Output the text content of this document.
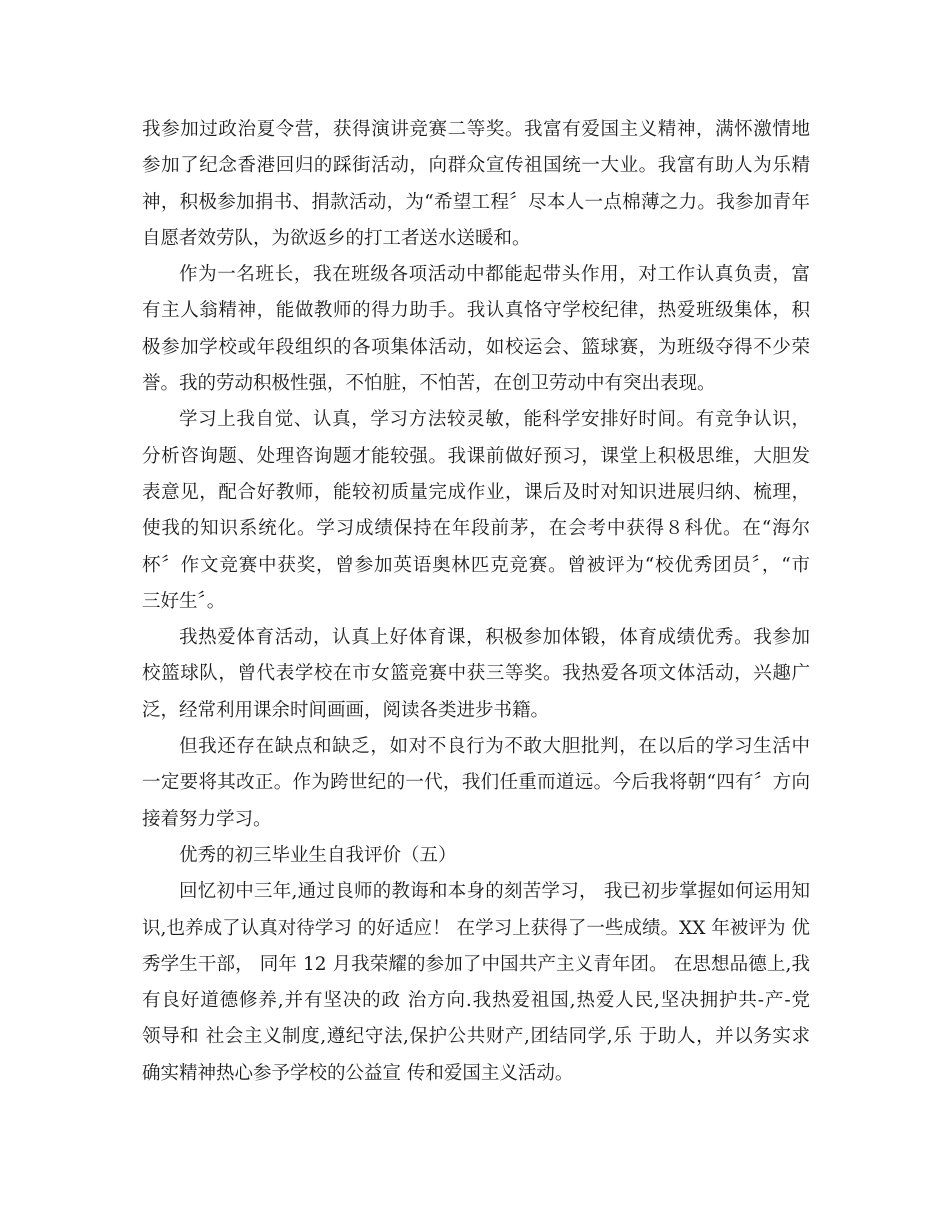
我参加过政治夏令营，获得演讲竞赛二等奖。我富有爱国主义精神，满怀激情地
参加了纪念香港回归的踩街活动，向群众宣传祖国统一大业。我富有助人为乐精
神，积极参加捐书、捐款活动，为“希望工程〞尽本人一点棉薄之力。我参加青年
自愿者效劳队，为欲返乡的打工者送水送暖和。
作为一名班长，我在班级各项活动中都能起带头作用，对工作认真负责，富
有主人翁精神，能做教师的得力助手。我认真恪守学校纪律，热爱班级集体，积
极参加学校或年段组织的各项集体活动，如校运会、篮球赛，为班级夺得不少荣
誉。我的劳动积极性强，不怕脏，不怕苦，在创卫劳动中有突出表现。
学习上我自觉、认真，学习方法较灵敏，能科学安排好时间。有竞争认识，
分析咨询题、处理咨询题才能较强。我课前做好预习，课堂上积极思维，大胆发
表意见，配合好教师，能较初质量完成作业，课后及时对知识进展归纳、梳理，
使我的知识系统化。学习成绩保持在年段前茅，在会考中获得８科优。在“海尔
杯〞作文竞赛中获奖，曾参加英语奥林匹克竞赛。曾被评为“校优秀团员〞，“市
三好生〞。
我热爱体育活动，认真上好体育课，积极参加体锻，体育成绩优秀。我参加
校篮球队，曾代表学校在市女篮竞赛中获三等奖。我热爱各项文体活动，兴趣广
泛，经常利用课余时间画画，阅读各类进步书籍。
但我还存在缺点和缺乏，如对不良行为不敢大胆批判，在以后的学习生活中
一定要将其改正。作为跨世纪的一代，我们任重而道远。今后我将朝“四有〞方向
接着努力学习。
优秀的初三毕业生自我评价（五）
回忆初中三年,通过良师的教诲和本身的刻苦学习， 我已初步掌握如何运用知
识,也养成了认真对待学习 的好适应！ 在学习上获得了一些成绩。XX 年被评为 优
秀学生干部， 同年 12 月我荣耀的参加了中国共产主义青年团。 在思想品德上,我
有良好道德修养,并有坚决的政 治方向.我热爱祖国,热爱人民,坚决拥护共-产-党
领导和 社会主义制度,遵纪守法,保护公共财产,团结同学,乐 于助人，并以务实求
确实精神热心参予学校的公益宣 传和爱国主义活动。
